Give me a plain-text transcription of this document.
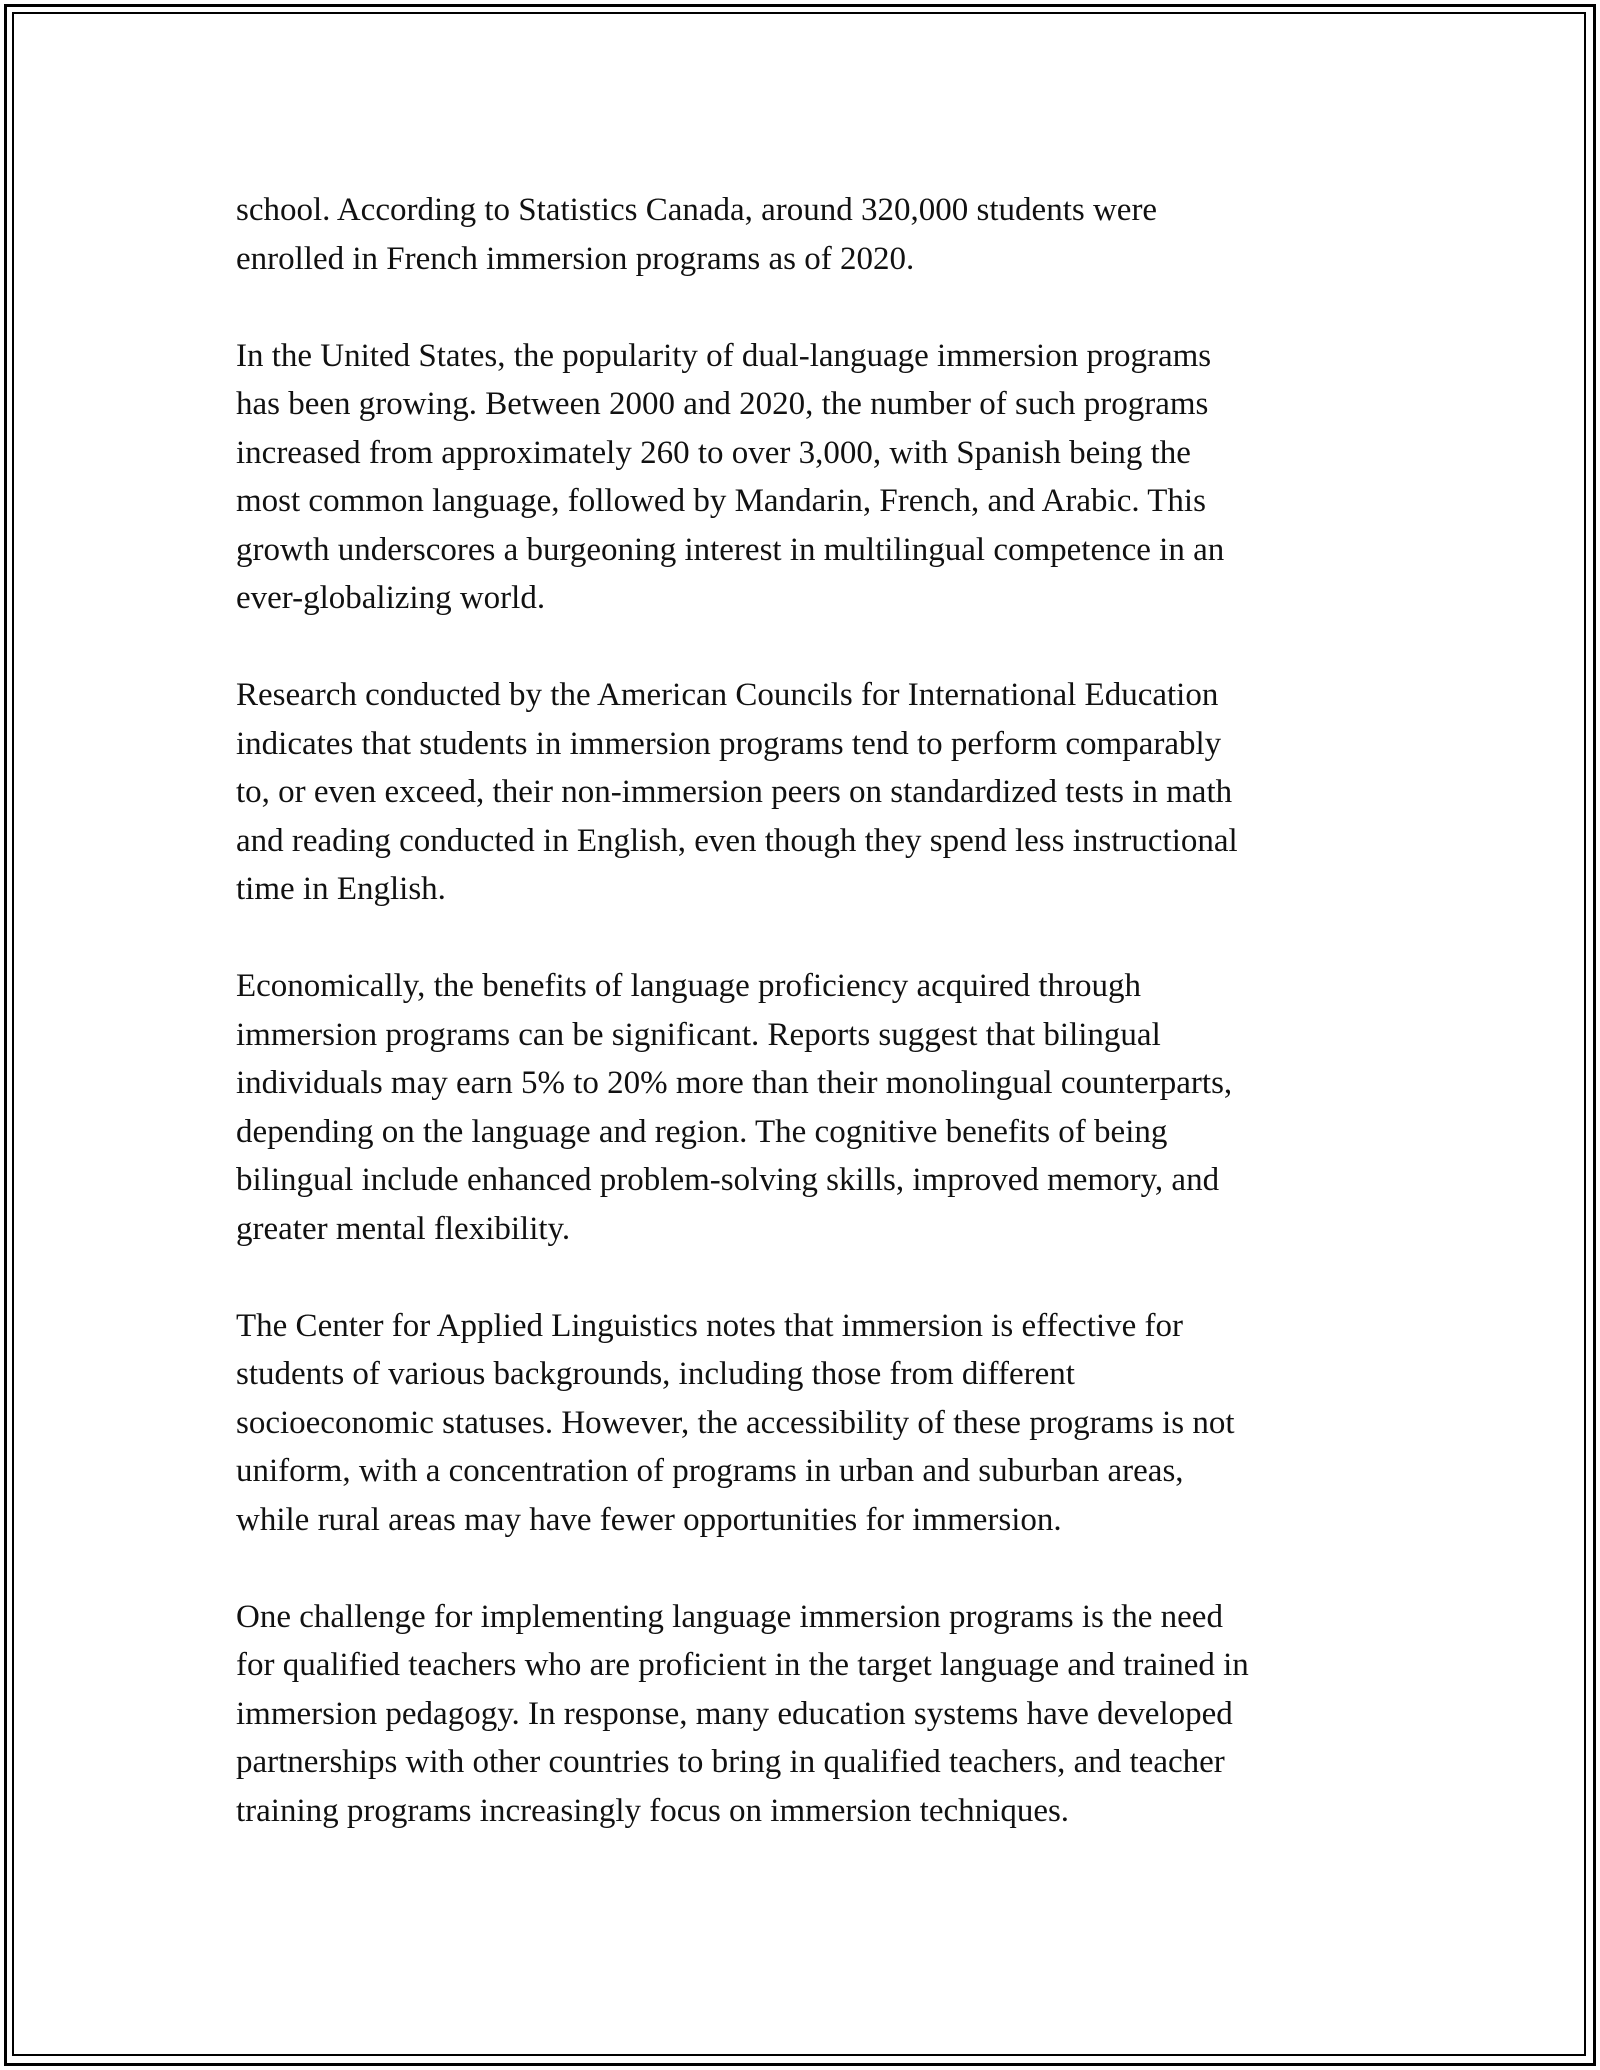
school. According to Statistics Canada, around 320,000 students were
enrolled in French immersion programs as of 2020.

In the United States, the popularity of dual-language immersion programs
has been growing. Between 2000 and 2020, the number of such programs
increased from approximately 260 to over 3,000, with Spanish being the
most common language, followed by Mandarin, French, and Arabic. This
growth underscores a burgeoning interest in multilingual competence in an
ever-globalizing world.

Research conducted by the American Councils for International Education
indicates that students in immersion programs tend to perform comparably
to, or even exceed, their non-immersion peers on standardized tests in math
and reading conducted in English, even though they spend less instructional
time in English.

Economically, the benefits of language proficiency acquired through
immersion programs can be significant. Reports suggest that bilingual
individuals may earn 5% to 20% more than their monolingual counterparts,
depending on the language and region. The cognitive benefits of being
bilingual include enhanced problem-solving skills, improved memory, and
greater mental flexibility.

The Center for Applied Linguistics notes that immersion is effective for
students of various backgrounds, including those from different
socioeconomic statuses. However, the accessibility of these programs is not
uniform, with a concentration of programs in urban and suburban areas,
while rural areas may have fewer opportunities for immersion.

One challenge for implementing language immersion programs is the need
for qualified teachers who are proficient in the target language and trained in
immersion pedagogy. In response, many education systems have developed
partnerships with other countries to bring in qualified teachers, and teacher
training programs increasingly focus on immersion techniques.
